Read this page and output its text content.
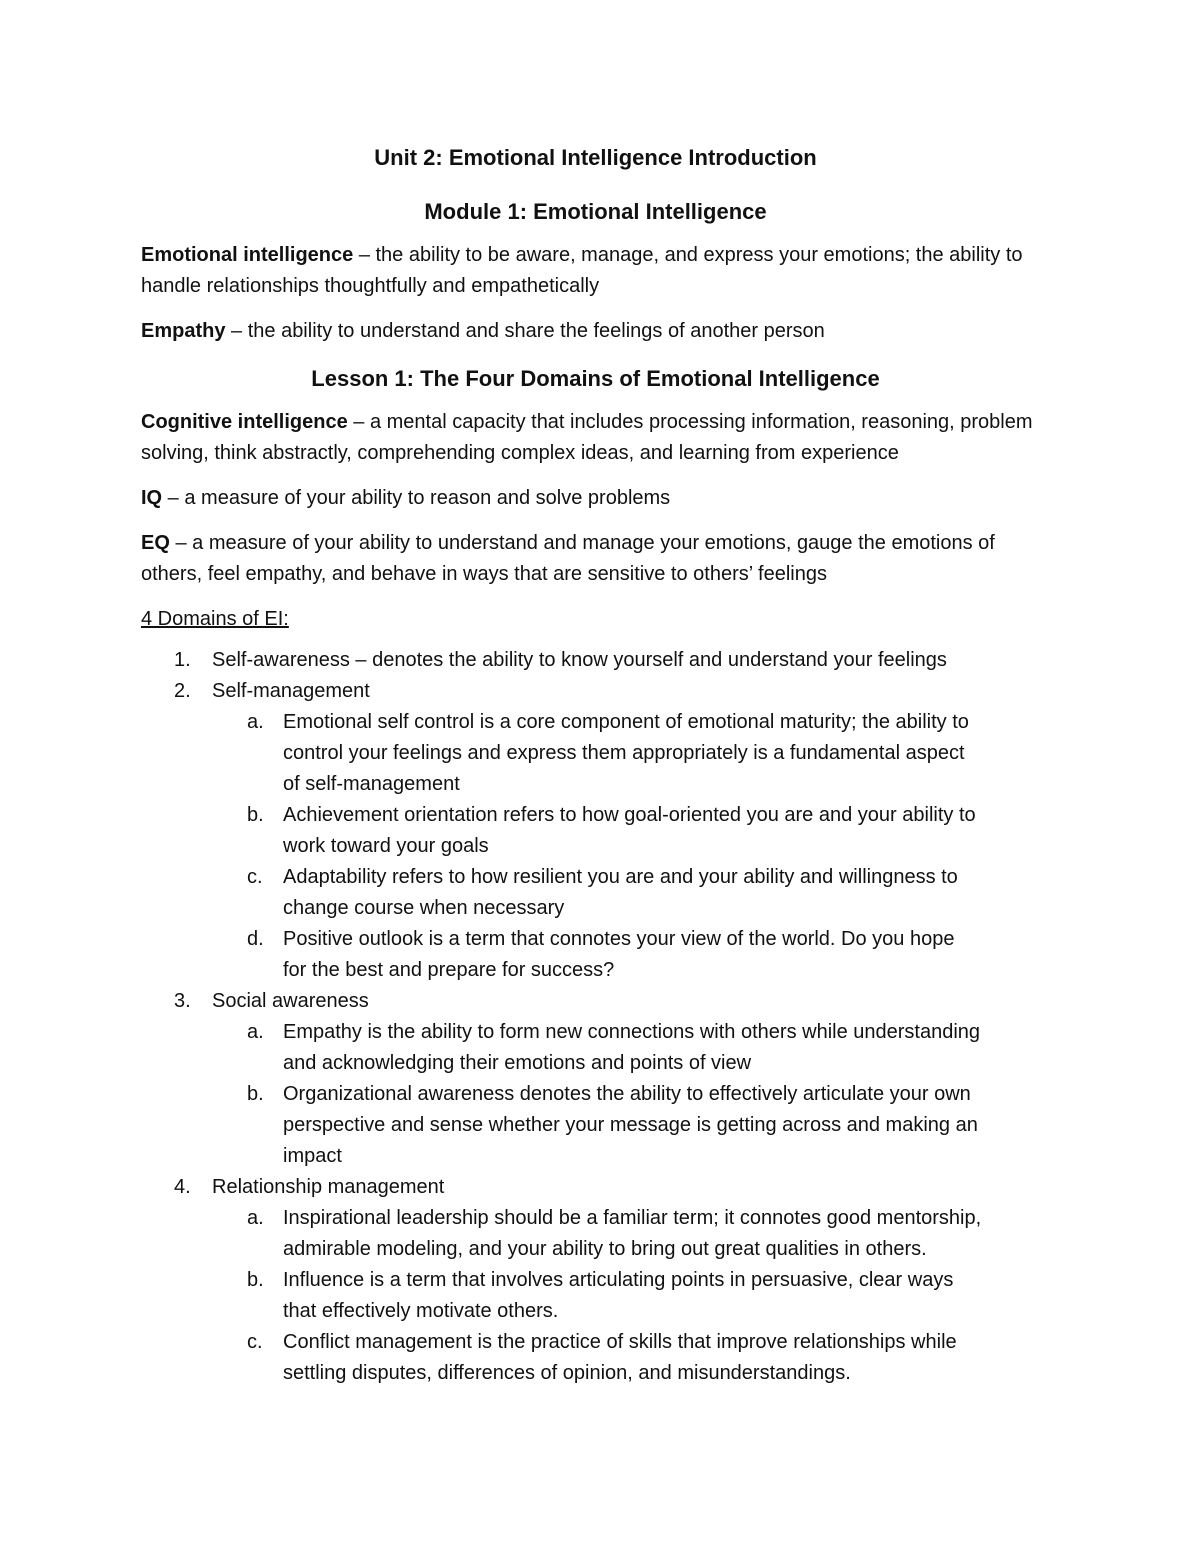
Unit 2: Emotional Intelligence Introduction
Module 1: Emotional Intelligence

Emotional intelligence – the ability to be aware, manage, and express your emotions; the ability to handle relationships thoughtfully and empathetically

Empathy – the ability to understand and share the feelings of another person

Lesson 1: The Four Domains of Emotional Intelligence

Cognitive intelligence – a mental capacity that includes processing information, reasoning, problem solving, think abstractly, comprehending complex ideas, and learning from experience

IQ – a measure of your ability to reason and solve problems

EQ – a measure of your ability to understand and manage your emotions, gauge the emotions of others, feel empathy, and behave in ways that are sensitive to others’ feelings

4 Domains of EI:

1. Self-awareness – denotes the ability to know yourself and understand your feelings
2. Self-management
a. Emotional self control is a core component of emotional maturity; the ability to control your feelings and express them appropriately is a fundamental aspect of self-management
b. Achievement orientation refers to how goal-oriented you are and your ability to work toward your goals
c. Adaptability refers to how resilient you are and your ability and willingness to change course when necessary
d. Positive outlook is a term that connotes your view of the world. Do you hope for the best and prepare for success?
3. Social awareness
a. Empathy is the ability to form new connections with others while understanding and acknowledging their emotions and points of view
b. Organizational awareness denotes the ability to effectively articulate your own perspective and sense whether your message is getting across and making an impact
4. Relationship management
a. Inspirational leadership should be a familiar term; it connotes good mentorship, admirable modeling, and your ability to bring out great qualities in others.
b. Influence is a term that involves articulating points in persuasive, clear ways that effectively motivate others.
c. Conflict management is the practice of skills that improve relationships while settling disputes, differences of opinion, and misunderstandings.
